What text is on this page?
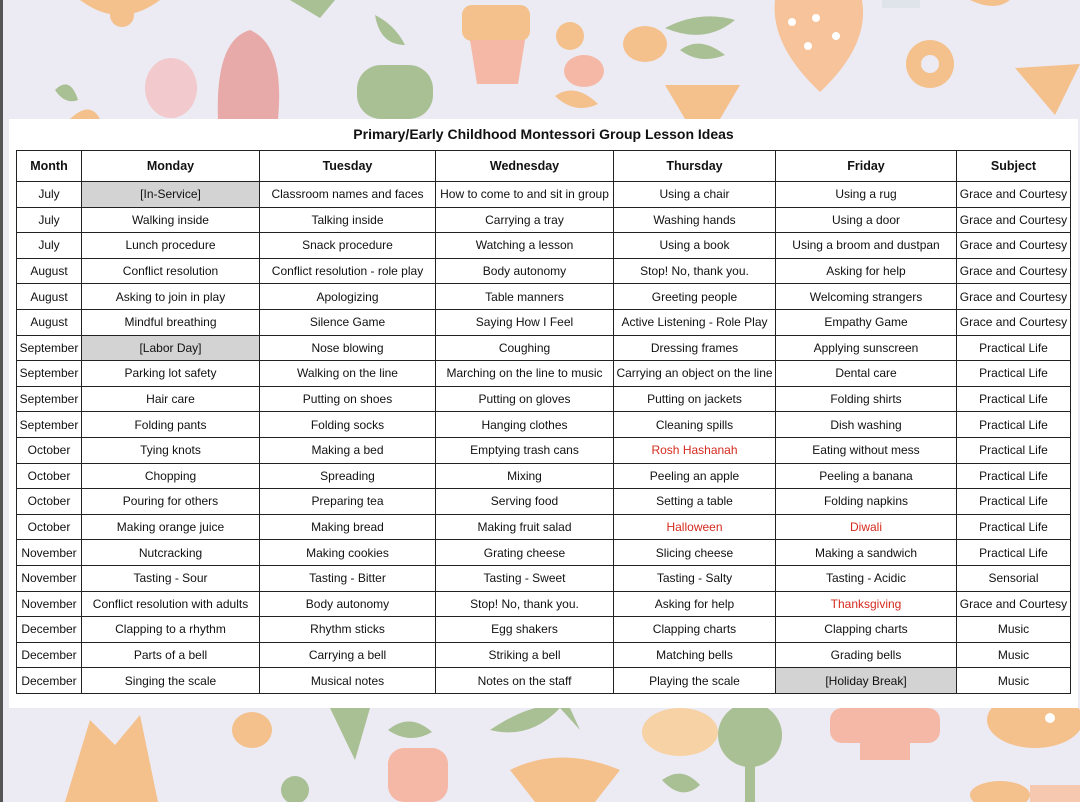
Primary/Early Childhood Montessori Group Lesson Ideas
Month	Monday	Tuesday	Wednesday	Thursday	Friday	Subject
July	[In-Service]	Classroom names and faces	How to come to and sit in group	Using a chair	Using a rug	Grace and Courtesy
July	Walking inside	Talking inside	Carrying a tray	Washing hands	Using a door	Grace and Courtesy
July	Lunch procedure	Snack procedure	Watching a lesson	Using a book	Using a broom and dustpan	Grace and Courtesy
August	Conflict resolution	Conflict resolution - role play	Body autonomy	Stop! No, thank you.	Asking for help	Grace and Courtesy
August	Asking to join in play	Apologizing	Table manners	Greeting people	Welcoming strangers	Grace and Courtesy
August	Mindful breathing	Silence Game	Saying How I Feel	Active Listening - Role Play	Empathy Game	Grace and Courtesy
September	[Labor Day]	Nose blowing	Coughing	Dressing frames	Applying sunscreen	Practical Life
September	Parking lot safety	Walking on the line	Marching on the line to music	Carrying an object on the line	Dental care	Practical Life
September	Hair care	Putting on shoes	Putting on gloves	Putting on jackets	Folding shirts	Practical Life
September	Folding pants	Folding socks	Hanging clothes	Cleaning spills	Dish washing	Practical Life
October	Tying knots	Making a bed	Emptying trash cans	Rosh Hashanah	Eating without mess	Practical Life
October	Chopping	Spreading	Mixing	Peeling an apple	Peeling a banana	Practical Life
October	Pouring for others	Preparing tea	Serving food	Setting a table	Folding napkins	Practical Life
October	Making orange juice	Making bread	Making fruit salad	Halloween	Diwali	Practical Life
November	Nutcracking	Making cookies	Grating cheese	Slicing cheese	Making a sandwich	Practical Life
November	Tasting - Sour	Tasting - Bitter	Tasting - Sweet	Tasting - Salty	Tasting - Acidic	Sensorial
November	Conflict resolution with adults	Body autonomy	Stop! No, thank you.	Asking for help	Thanksgiving	Grace and Courtesy
December	Clapping to a rhythm	Rhythm sticks	Egg shakers	Clapping charts	Clapping charts	Music
December	Parts of a bell	Carrying a bell	Striking a bell	Matching bells	Grading bells	Music
December	Singing the scale	Musical notes	Notes on the staff	Playing the scale	[Holiday Break]	Music
